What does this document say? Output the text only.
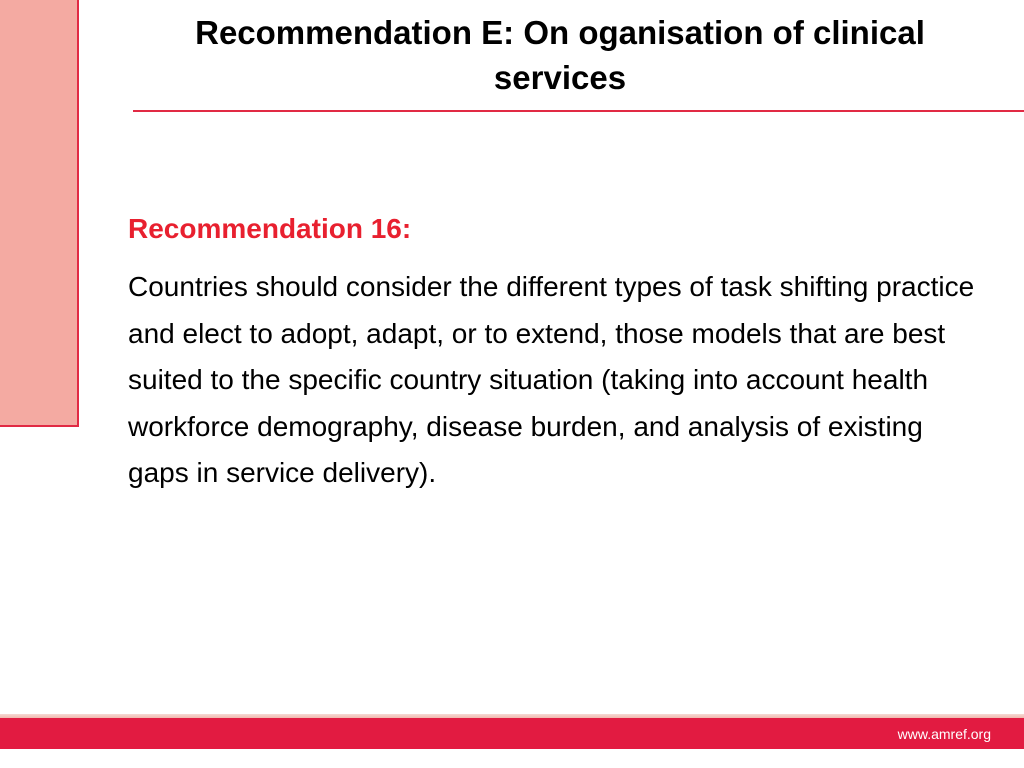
Recommendation E: On oganisation of clinical services

Recommendation 16:

Countries should consider the different types of task shifting practice and elect to adopt, adapt, or to extend, those models that are best suited to the specific country situation (taking into account health workforce demography, disease burden, and analysis of existing gaps in service delivery).

www.amref.org
